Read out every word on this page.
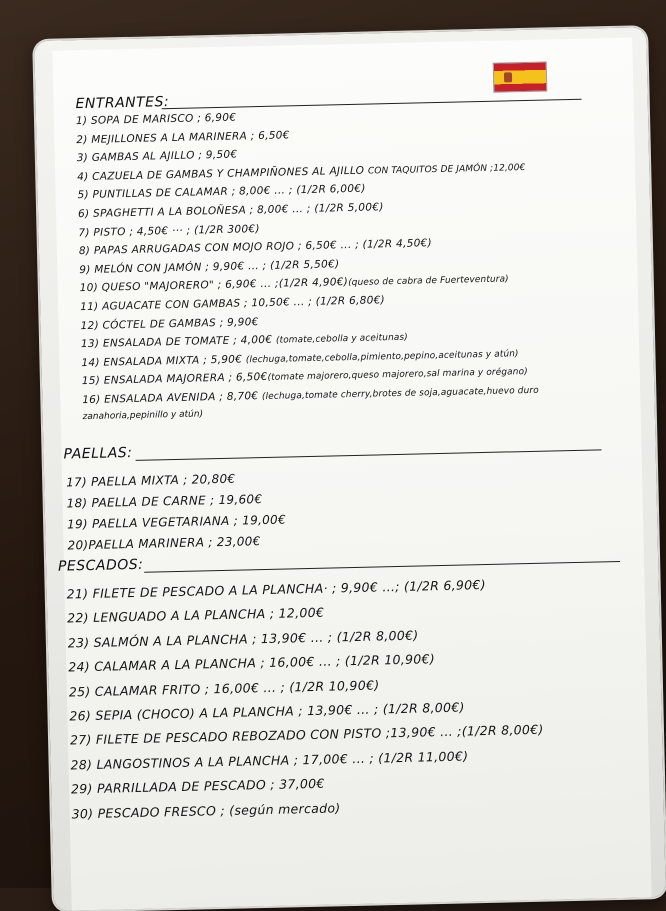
ENTRANTES:
1) SOPA DE MARISCO ; 6,90€
2) MEJILLONES A LA MARINERA ; 6,50€
3) GAMBAS AL AJILLO ; 9,50€
4) CAZUELA DE GAMBAS Y CHAMPIÑONES AL AJILLO CON TAQUITOS DE JAMÓN ;12,00€
5) PUNTILLAS DE CALAMAR ; 8,00€ ... ; (1/2R 6,00€)
6) SPAGHETTI A LA BOLOÑESA ; 8,00€ ... ; (1/2R 5,00€)
7) PISTO ; 4,50€ ··· ; (1/2R 300€)
8) PAPAS ARRUGADAS CON MOJO ROJO ; 6,50€ ... ; (1/2R 4,50€)
9) MELÓN CON JAMÓN ; 9,90€ ... ; (1/2R 5,50€)
10) QUESO "MAJORERO" ; 6,90€ ... ;(1/2R 4,90€)(queso de cabra de Fuerteventura)
11) AGUACATE CON GAMBAS ; 10,50€ ... ; (1/2R 6,80€)
12) CÓCTEL DE GAMBAS ; 9,90€
13) ENSALADA DE TOMATE ; 4,00€ (tomate,cebolla y aceitunas)
14) ENSALADA MIXTA ; 5,90€ (lechuga,tomate,cebolla,pimiento,pepino,aceitunas y atún)
15) ENSALADA MAJORERA ; 6,50€(tomate majorero,queso majorero,sal marina y orégano)
16) ENSALADA AVENIDA ; 8,70€ (lechuga,tomate cherry,brotes de soja,aguacate,huevo duro
zanahoria,pepinillo y atún)
PAELLAS:
17) PAELLA MIXTA ; 20,80€
18) PAELLA DE CARNE ; 19,60€
19) PAELLA VEGETARIANA ; 19,00€
20)PAELLA MARINERA ; 23,00€
PESCADOS:
21) FILETE DE PESCADO A LA PLANCHA· ; 9,90€ ...; (1/2R 6,90€)
22) LENGUADO A LA PLANCHA ; 12,00€
23) SALMÓN A LA PLANCHA ; 13,90€ ... ; (1/2R 8,00€)
24) CALAMAR A LA PLANCHA ; 16,00€ ... ; (1/2R 10,90€)
25) CALAMAR FRITO ; 16,00€ ... ; (1/2R 10,90€)
26) SEPIA (CHOCO) A LA PLANCHA ; 13,90€ ... ; (1/2R 8,00€)
27) FILETE DE PESCADO REBOZADO CON PISTO ;13,90€ ... ;(1/2R 8,00€)
28) LANGOSTINOS A LA PLANCHA ; 17,00€ ... ; (1/2R 11,00€)
29) PARRILLADA DE PESCADO ; 37,00€
30) PESCADO FRESCO ; (según mercado)
